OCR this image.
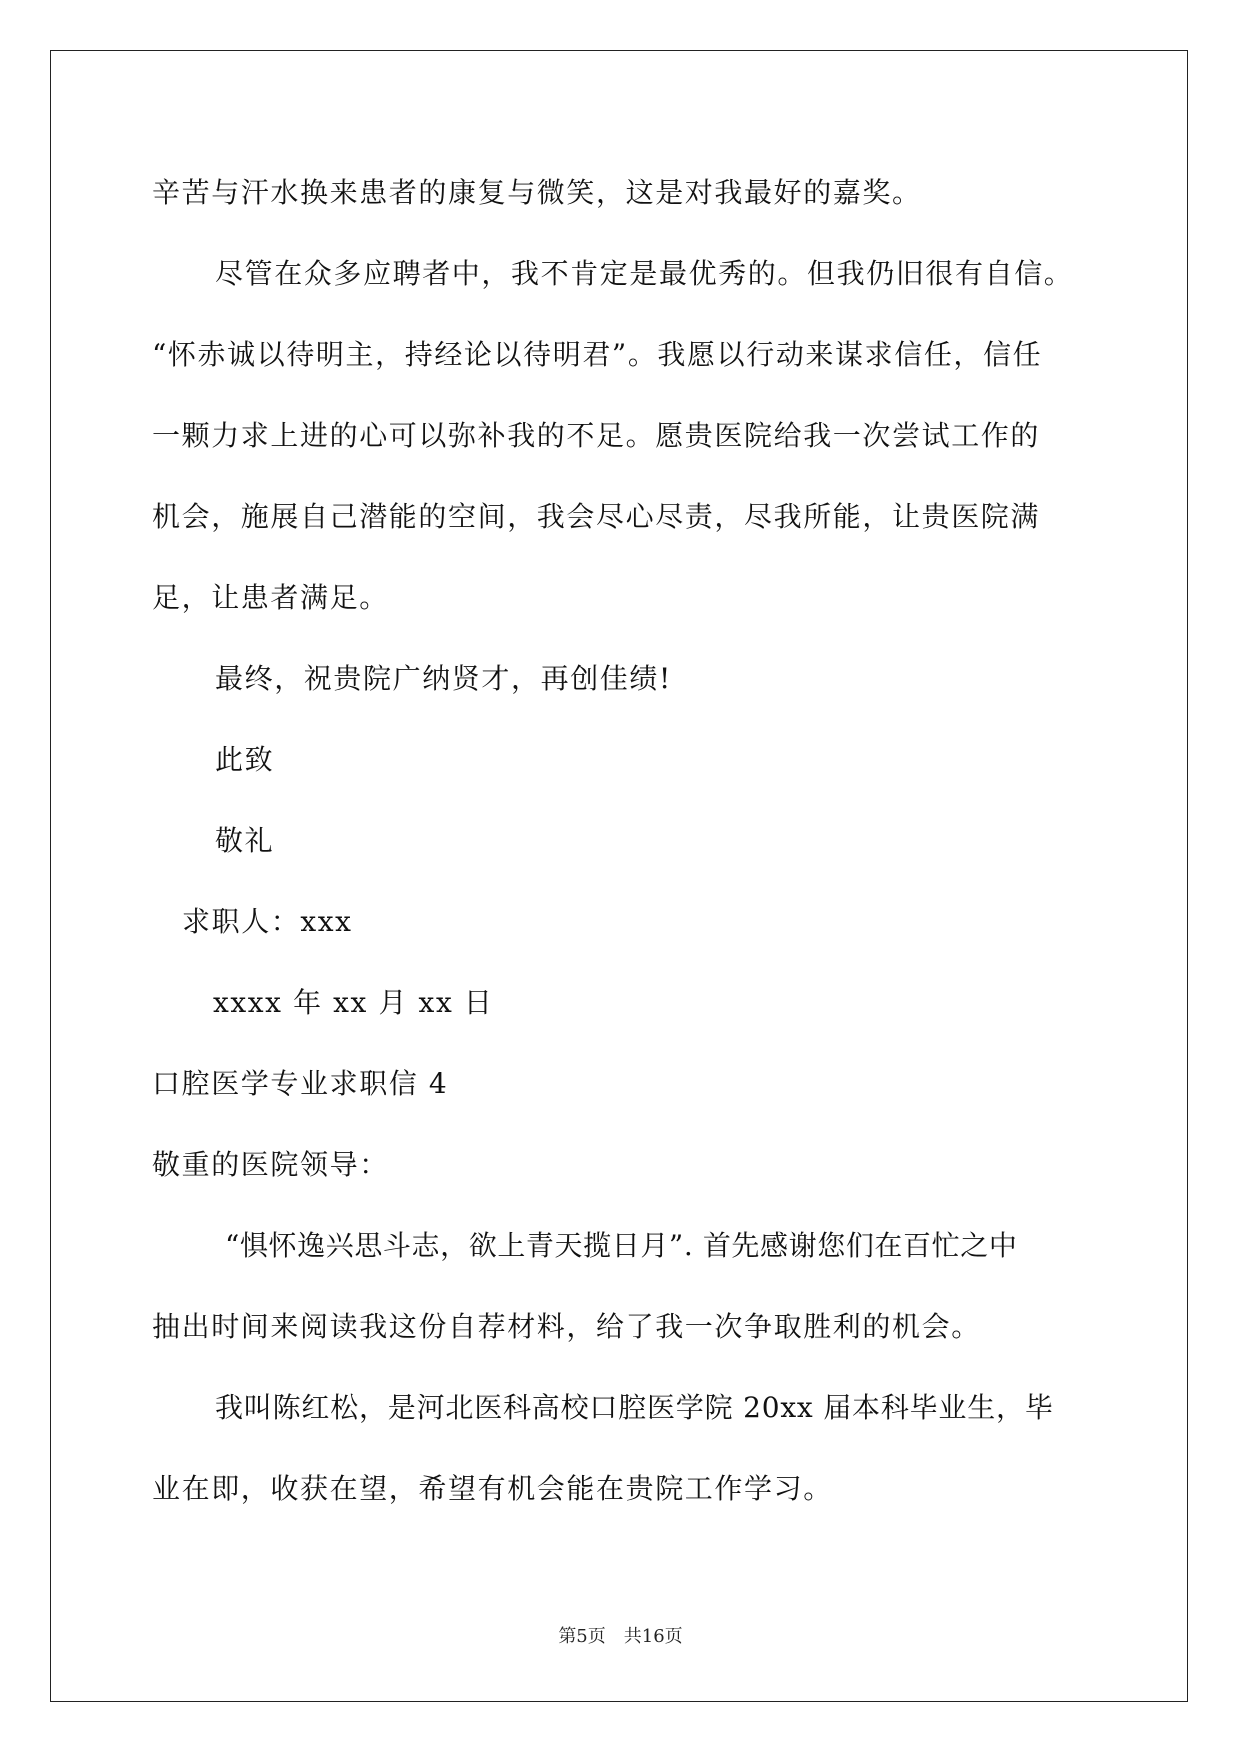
辛苦与汗水换来患者的康复与微笑，这是对我最好的嘉奖。
尽管在众多应聘者中，我不肯定是最优秀的。但我仍旧很有自信。
“怀赤诚以待明主，持经论以待明君”。我愿以行动来谋求信任，信任
一颗力求上进的心可以弥补我的不足。愿贵医院给我一次尝试工作的
机会，施展自己潜能的空间，我会尽心尽责，尽我所能，让贵医院满
足，让患者满足。
最终，祝贵院广纳贤才，再创佳绩!
此致
敬礼
求职人：xxx
xxxx 年 xx 月 xx 日
口腔医学专业求职信 4
敬重的医院领导：
“惧怀逸兴思斗志，欲上青天揽日月”. 首先感谢您们在百忙之中
抽出时间来阅读我这份自荐材料，给了我一次争取胜利的机会。
我叫陈红松，是河北医科高校口腔医学院 20xx 届本科毕业生，毕
业在即，收获在望，希望有机会能在贵院工作学习。
第5页 共16页
